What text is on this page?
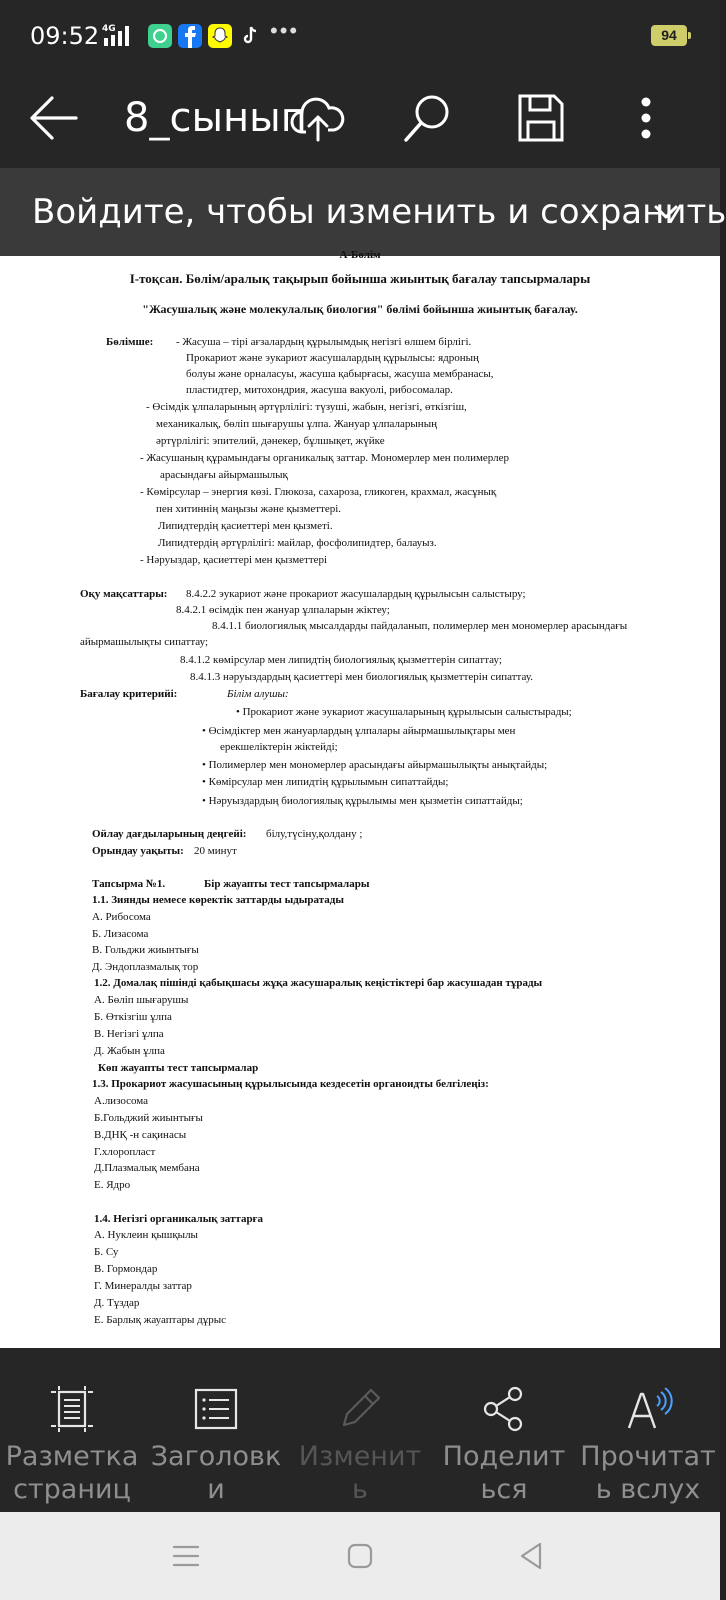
09:52 4G	•••	94
8_сынып
Войдите, чтобы изменить и сохранить
А-Бөлім
І-тоқсан. Бөлім/аралық тақырып бойынша жиынтық бағалау тапсырмалары
"Жасушалық және молекулалық биология" бөлімі бойынша жиынтық бағалау.
Бөлімше: - Жасуша – тірі ағзалардың құрылымдық негізгі өлшем бірлігі.
Прокариот және эукариот жасушалардың құрылысы: ядроның
болуы және орналасуы, жасуша қабырғасы, жасуша мембранасы,
пластидтер, митохондрия, жасуша вакуолі, рибосомалар.
- Өсімдік ұлпаларының әртүрлілігі: түзуші, жабын, негізгі, өткізгіш,
механикалық, бөліп шығарушы ұлпа. Жануар ұлпаларының
әртүрлілігі: эпителий, дәнекер, бұлшықет, жүйке
- Жасушаның құрамындағы органикалық заттар. Мономерлер мен полимерлер
арасындағы айырмашылық
- Көмірсулар – энергия көзі. Глюкоза, сахароза, гликоген, крахмал, жасұнық
пен хитиннің маңызы және қызметтері.
Липидтердің қасиеттері мен қызметі.
Липидтердің әртүрлілігі: майлар, фосфолипидтер, балауыз.
- Нәруыздар, қасиеттері мен қызметтері
Оқу мақсаттары: 8.4.2.2 эукариот және прокариот жасушалардың құрылысын салыстыру;
8.4.2.1 өсімдік пен жануар ұлпаларын жіктеу;
8.4.1.1 биологиялық мысалдарды пайдаланып, полимерлер мен мономерлер арасындағы
айырмашылықты сипаттау;
8.4.1.2 көмірсулар мен липидтің биологиялық қызметтерін сипаттау;
8.4.1.3 нәруыздардың қасиеттері мен биологиялық қызметтерін сипаттау.
Бағалау критерийі:	Білім алушы:
• Прокариот және эукариот жасушаларының құрылысын салыстырады;
• Өсімдіктер мен жануарлардың ұлпалары айырмашылықтары мен
ерекшеліктерін жіктейді;
• Полимерлер мен мономерлер арасындағы айырмашылықты анықтайды;
• Көмірсулар мен липидтің құрылымын сипаттайды;
• Нәруыздардың биологиялық құрылымы мен қызметін сипаттайды;
Ойлау дағдыларының деңгейі: білу,түсіну,қолдану ;
Орындау уақыты: 20 минут
Тапсырма №1.	Бір жауапты тест тапсырмалары
1.1. Зиянды немесе көректік заттарды ыдыратады
А. Рибосома
Б. Лизасома
В. Гольджи жиынтығы
Д. Эндоплазмалық тор
1.2. Домалақ пішінді қабықшасы жұқа жасушаралық кеңістіктері бар жасушадан тұрады
А. Бөліп шығарушы
Б. Өткізгіш ұлпа
В. Негізгі ұлпа
Д. Жабын ұлпа
Көп жауапты тест тапсырмалар
1.3. Прокариот жасушасының құрылысында кездесетін органоидты белгілеңіз:
А.лизосома
Б.Гольджий жиынтығы
В.ДНҚ -н сақинасы
Г.хлоропласт
Д.Плазмалық мембана
Е. Ядро
1.4. Негізгі органикалық заттарға
А. Нуклеин қышқылы
Б. Су
В. Гормондар
Г. Минералды заттар
Д. Тұздар
Е. Барлық жауаптары дұрыс
Разметка страниц
Заголовки
Изменить
Поделиться
Прочитать вслух
